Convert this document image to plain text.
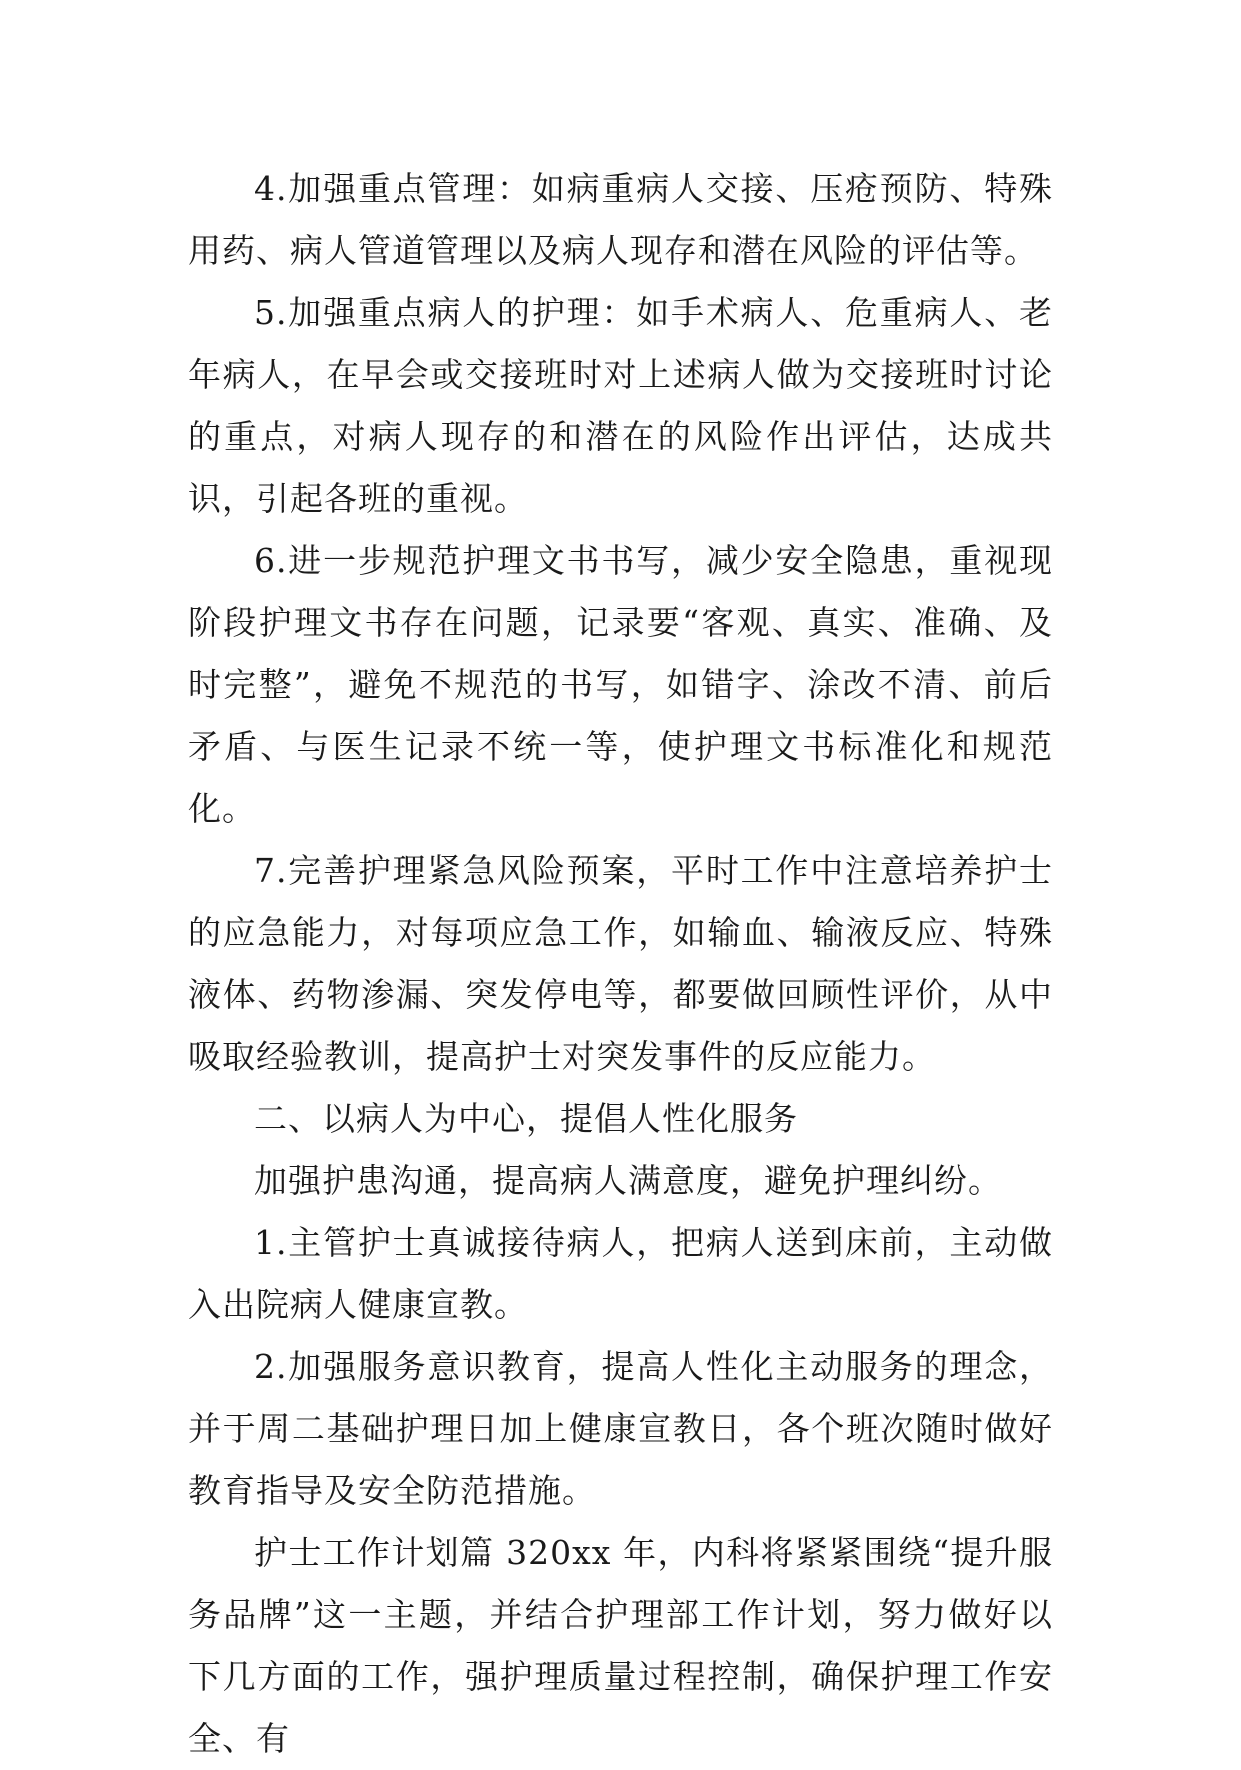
4.加强重点管理：如病重病人交接、压疮预防、特殊用药、病人管道管理以及病人现存和潜在风险的评估等。

5.加强重点病人的护理：如手术病人、危重病人、老年病人，在早会或交接班时对上述病人做为交接班时讨论的重点，对病人现存的和潜在的风险作出评估，达成共识，引起各班的重视。

6.进一步规范护理文书书写，减少安全隐患，重视现阶段护理文书存在问题，记录要“客观、真实、准确、及时完整”，避免不规范的书写，如错字、涂改不清、前后矛盾、与医生记录不统一等，使护理文书标准化和规范化。

7.完善护理紧急风险预案，平时工作中注意培养护士的应急能力，对每项应急工作，如输血、输液反应、特殊液体、药物渗漏、突发停电等，都要做回顾性评价，从中吸取经验教训，提高护士对突发事件的反应能力。

二、以病人为中心，提倡人性化服务

加强护患沟通，提高病人满意度，避免护理纠纷。

1.主管护士真诚接待病人，把病人送到床前，主动做入出院病人健康宣教。

2.加强服务意识教育，提高人性化主动服务的理念，并于周二基础护理日加上健康宣教日，各个班次随时做好教育指导及安全防范措施。

护士工作计划篇 320xx 年，内科将紧紧围绕“提升服务品牌”这一主题，并结合护理部工作计划，努力做好以下几方面的工作，强护理质量过程控制，确保护理工作安全、有
